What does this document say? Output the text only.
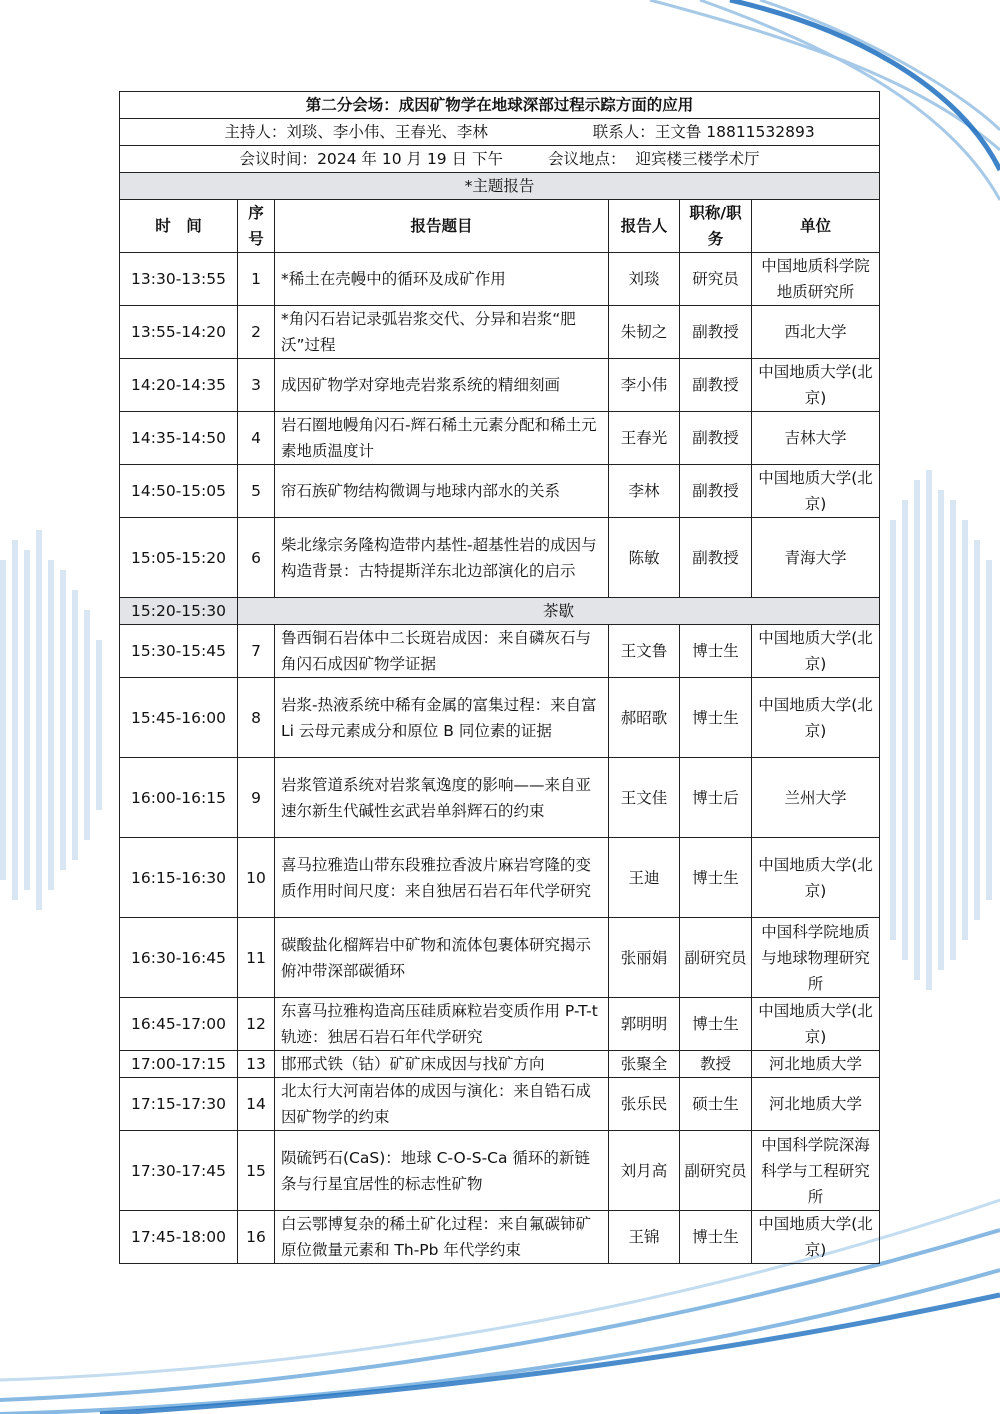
第二分会场：成因矿物学在地球深部过程示踪方面的应用					
主持人：刘琰、李小伟、王春光、李林 联系人：王文鲁 18811532893					
会议时间：2024 年 10 月 19 日 下午 会议地点： 迎宾楼三楼学术厅					
*主题报告					
时　间	序号	报告题目	报告人	职称/职务	单位
13:30-13:55	1	*稀土在壳幔中的循环及成矿作用	刘琰	研究员	中国地质科学院地质研究所
13:55-14:20	2	*角闪石岩记录弧岩浆交代、分异和岩浆“肥沃”过程	朱韧之	副教授	西北大学
14:20-14:35	3	成因矿物学对穿地壳岩浆系统的精细刻画	李小伟	副教授	中国地质大学(北京)
14:35-14:50	4	岩石圈地幔角闪石-辉石稀土元素分配和稀土元素地质温度计	王春光	副教授	吉林大学
14:50-15:05	5	帘石族矿物结构微调与地球内部水的关系	李林	副教授	中国地质大学(北京)
15:05-15:20	6	柴北缘宗务隆构造带内基性-超基性岩的成因与构造背景：古特提斯洋东北边部演化的启示	陈敏	副教授	青海大学
15:20-15:30	茶歇				
15:30-15:45	7	鲁西铜石岩体中二长斑岩成因：来自磷灰石与角闪石成因矿物学证据	王文鲁	博士生	中国地质大学(北京)
15:45-16:00	8	岩浆-热液系统中稀有金属的富集过程：来自富 Li 云母元素成分和原位 B 同位素的证据	郝昭歌	博士生	中国地质大学(北京)
16:00-16:15	9	岩浆管道系统对岩浆氧逸度的影响——来自亚速尔新生代碱性玄武岩单斜辉石的约束	王文佳	博士后	兰州大学
16:15-16:30	10	喜马拉雅造山带东段雅拉香波片麻岩穹隆的变质作用时间尺度：来自独居石岩石年代学研究	王迪	博士生	中国地质大学(北京)
16:30-16:45	11	碳酸盐化榴辉岩中矿物和流体包裹体研究揭示俯冲带深部碳循环	张丽娟	副研究员	中国科学院地质与地球物理研究所
16:45-17:00	12	东喜马拉雅构造高压硅质麻粒岩变质作用 P-T-t 轨迹：独居石岩石年代学研究	郭明明	博士生	中国地质大学(北京)
17:00-17:15	13	邯邢式铁（钴）矿矿床成因与找矿方向	张聚全	教授	河北地质大学
17:15-17:30	14	北太行大河南岩体的成因与演化：来自锆石成因矿物学的约束	张乐民	硕士生	河北地质大学
17:30-17:45	15	陨硫钙石(CaS)：地球 C-O-S-Ca 循环的新链条与行星宜居性的标志性矿物	刘月高	副研究员	中国科学院深海科学与工程研究所
17:45-18:00	16	白云鄂博复杂的稀土矿化过程：来自氟碳铈矿原位微量元素和 Th-Pb 年代学约束	王锦	博士生	中国地质大学(北京)
